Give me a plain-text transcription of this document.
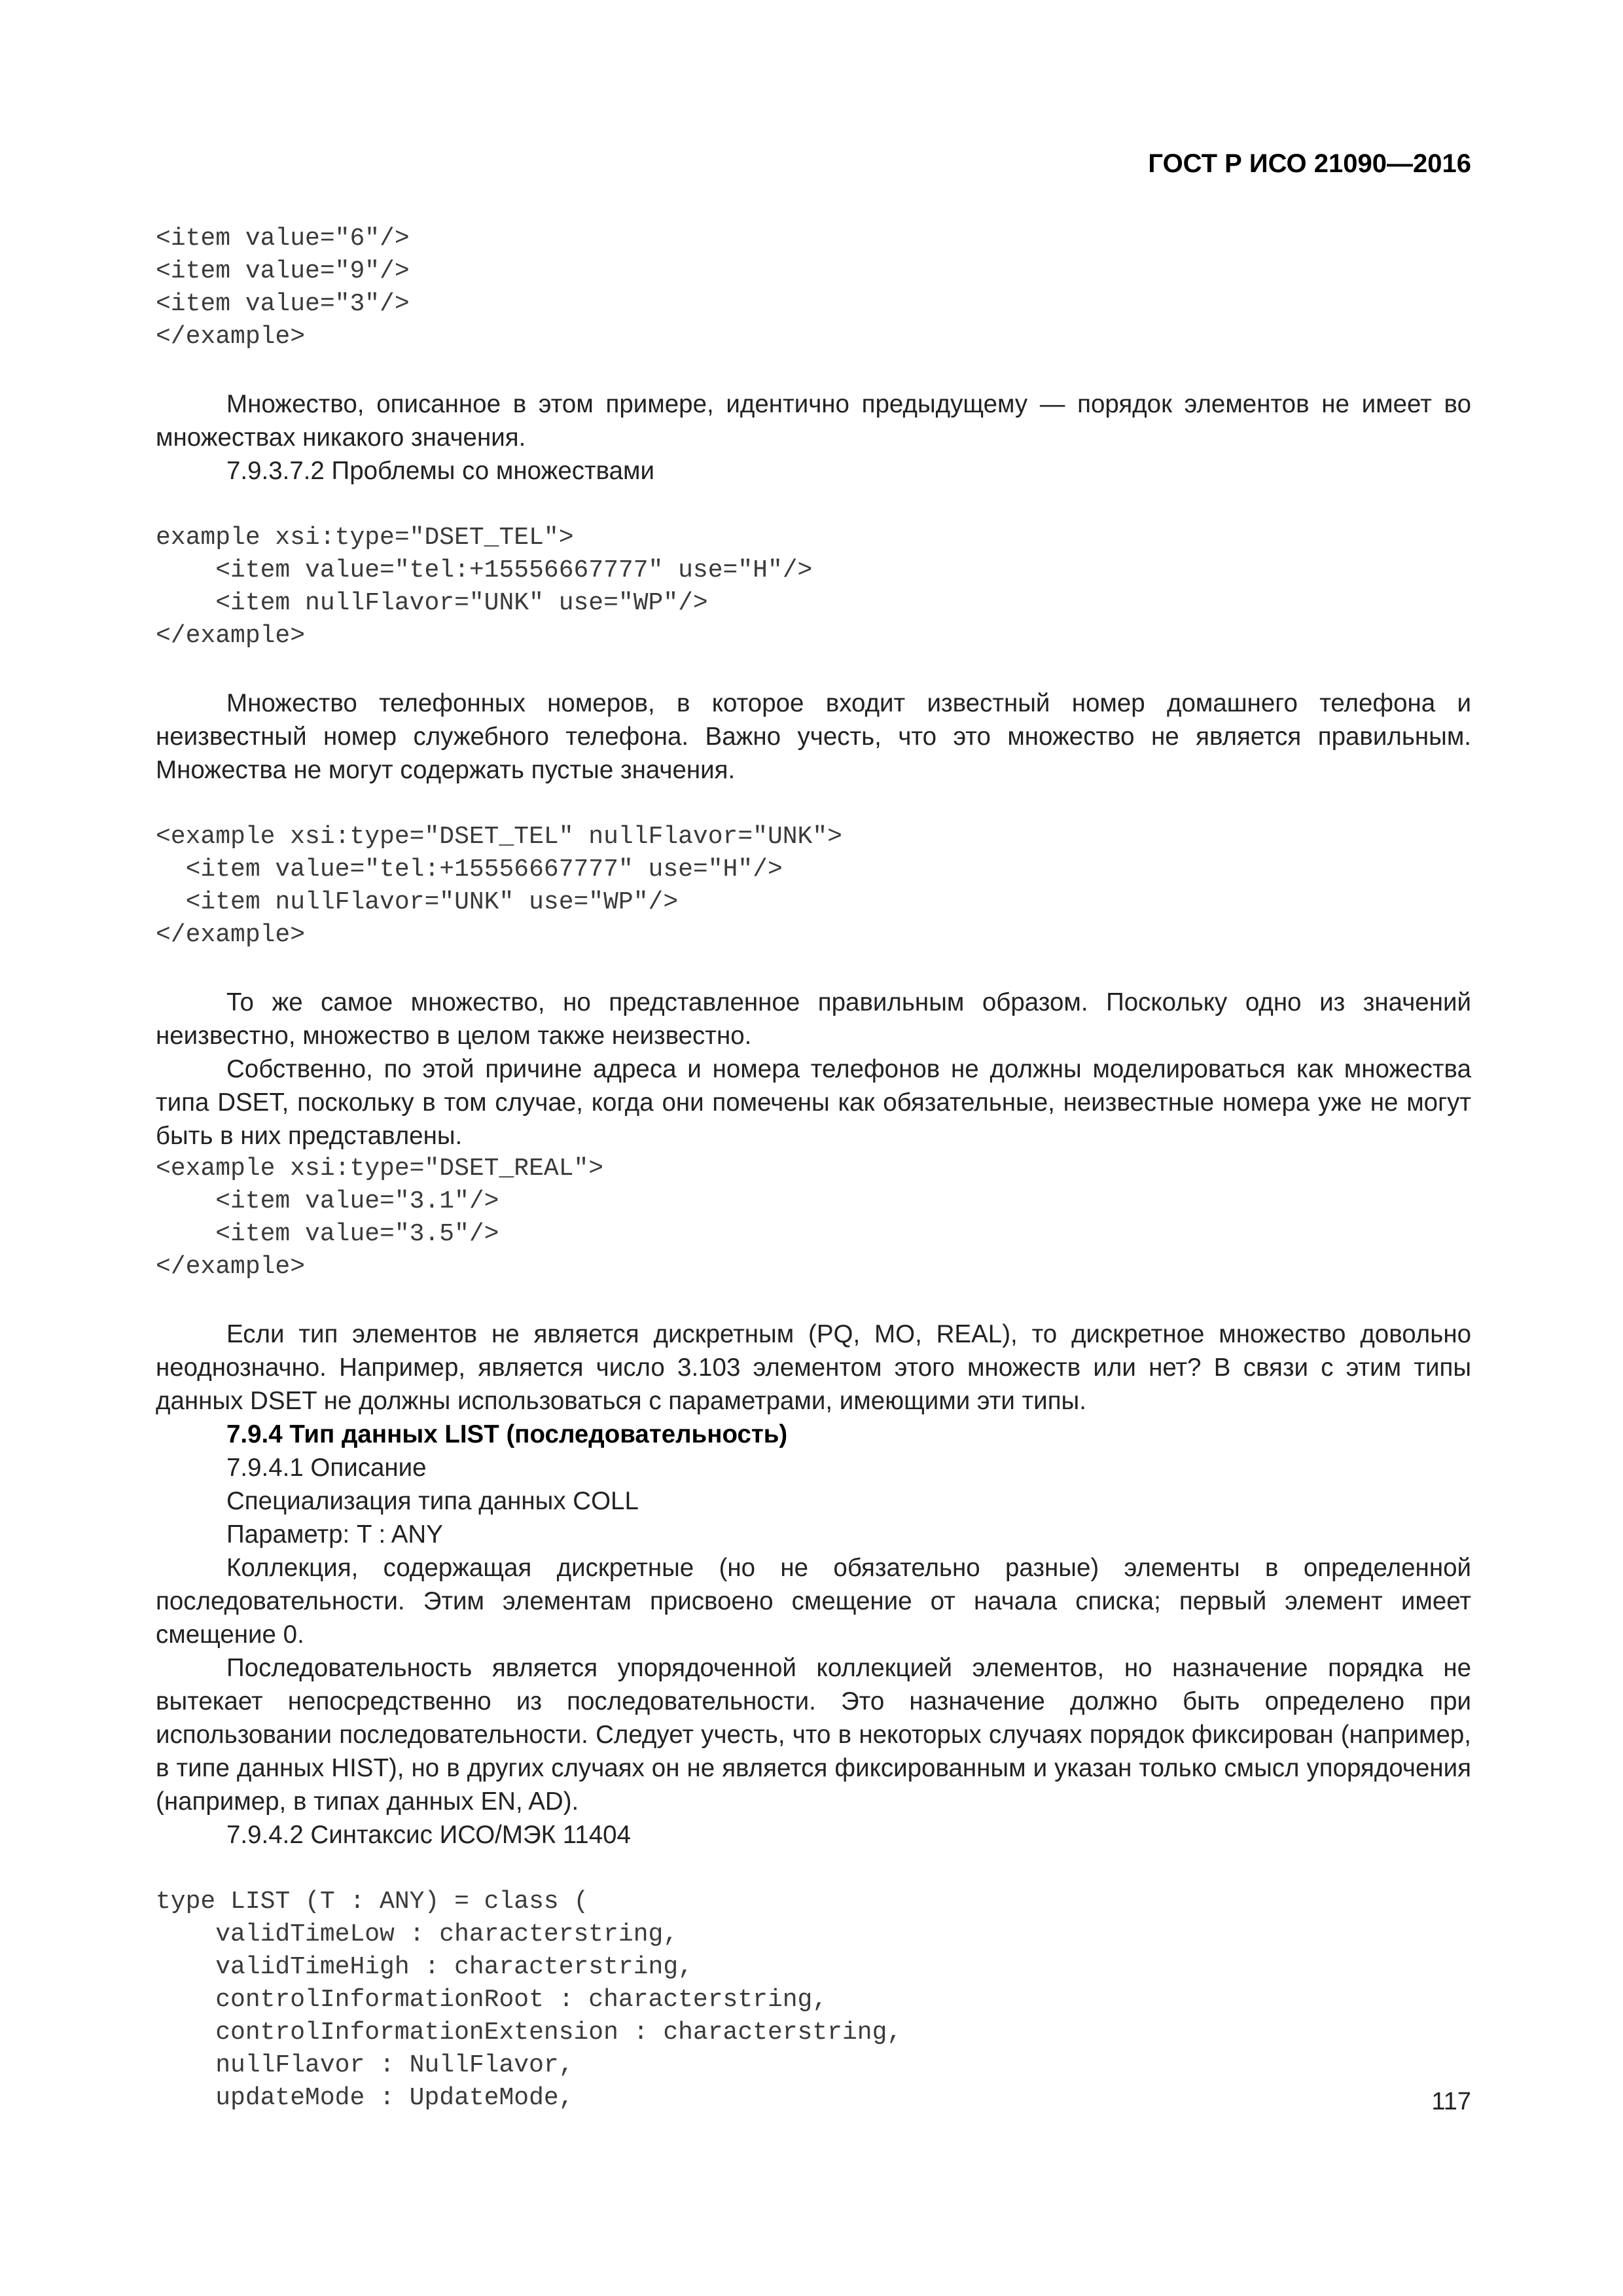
ГОСТ Р ИСО 21090—2016
<item value="6"/>
<item value="9"/>
<item value="3"/>
</example>

Множество, описанное в этом примере, идентично предыдущему — порядок элементов не имеет во множествах никакого значения.

7.9.3.7.2 Проблемы со множествами

example xsi:type="DSET_TEL">
<item value="tel:+15556667777" use="H"/>
<item nullFlavor="UNK" use="WP"/>
</example>

Множество телефонных номеров, в которое входит известный номер домашнего телефона и неизвестный номер служебного телефона. Важно учесть, что это множество не является правильным. Множества не могут содержать пустые значения.

<example xsi:type="DSET_TEL" nullFlavor="UNK">
<item value="tel:+15556667777" use="H"/>
<item nullFlavor="UNK" use="WP"/>
</example>

То же самое множество, но представленное правильным образом. Поскольку одно из значений неизвестно, множество в целом также неизвестно.

Собственно, по этой причине адреса и номера телефонов не должны моделироваться как множества типа DSET, поскольку в том случае, когда они помечены как обязательные, неизвестные номера уже не могут быть в них представлены.

<example xsi:type="DSET_REAL">
<item value="3.1"/>
<item value="3.5"/>
</example>

Если тип элементов не является дискретным (PQ, MO, REAL), то дискретное множество довольно неоднозначно. Например, является число 3.103 элементом этого множеств или нет? В связи с этим типы данных DSET не должны использоваться с параметрами, имеющими эти типы.

7.9.4 Тип данных LIST (последовательность)

7.9.4.1 Описание

Специализация типа данных COLL

Параметр: T : ANY

Коллекция, содержащая дискретные (но не обязательно разные) элементы в определенной последовательности. Этим элементам присвоено смещение от начала списка; первый элемент имеет смещение 0.

Последовательность является упорядоченной коллекцией элементов, но назначение порядка не вытекает непосредственно из последовательности. Это назначение должно быть определено при использовании последовательности. Следует учесть, что в некоторых случаях порядок фиксирован (например, в типе данных HIST), но в других случаях он не является фиксированным и указан только смысл упорядочения (например, в типах данных EN, AD).

7.9.4.2 Синтаксис ИСО/МЭК 11404

type LIST (T : ANY) = class (
validTimeLow : characterstring,
validTimeHigh : characterstring,
controlInformationRoot : characterstring,
controlInformationExtension : characterstring,
nullFlavor : NullFlavor,
updateMode : UpdateMode,	117
